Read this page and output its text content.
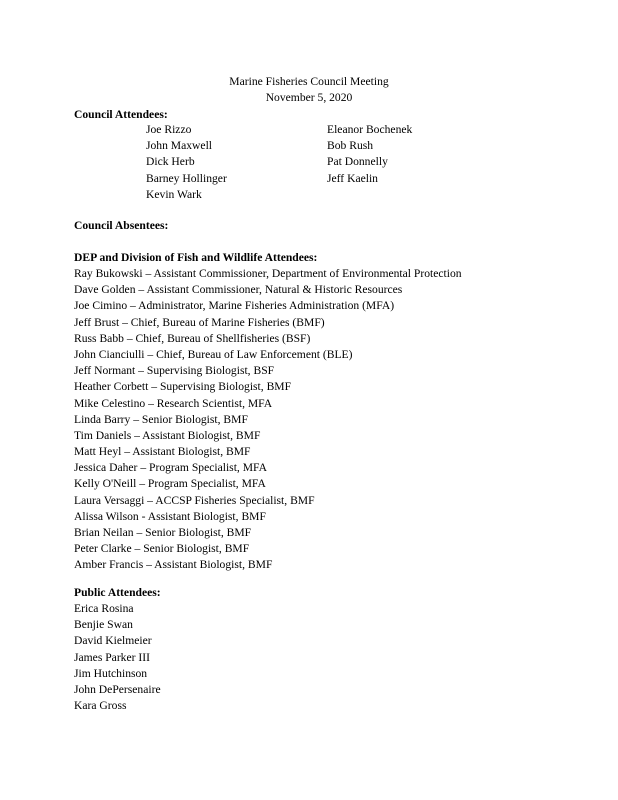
Marine Fisheries Council Meeting
November 5, 2020
Council Attendees:
Joe Rizzo
John Maxwell
Dick Herb
Barney Hollinger
Kevin Wark
Eleanor Bochenek
Bob Rush
Pat Donnelly
Jeff Kaelin
Council Absentees:
DEP and Division of Fish and Wildlife Attendees:
Ray Bukowski – Assistant Commissioner, Department of Environmental Protection
Dave Golden – Assistant Commissioner, Natural & Historic Resources
Joe Cimino – Administrator, Marine Fisheries Administration (MFA)
Jeff Brust – Chief, Bureau of Marine Fisheries (BMF)
Russ Babb – Chief, Bureau of Shellfisheries (BSF)
John Cianciulli – Chief, Bureau of Law Enforcement (BLE)
Jeff Normant – Supervising Biologist, BSF
Heather Corbett – Supervising Biologist, BMF
Mike Celestino – Research Scientist, MFA
Linda Barry – Senior Biologist, BMF
Tim Daniels – Assistant Biologist, BMF
Matt Heyl – Assistant Biologist, BMF
Jessica Daher – Program Specialist, MFA
Kelly O'Neill – Program Specialist, MFA
Laura Versaggi – ACCSP Fisheries Specialist, BMF
Alissa Wilson - Assistant Biologist, BMF
Brian Neilan – Senior Biologist, BMF
Peter Clarke – Senior Biologist, BMF
Amber Francis – Assistant Biologist, BMF
Public Attendees:
Erica Rosina
Benjie Swan
David Kielmeier
James Parker III
Jim Hutchinson
John DePersenaire
Kara Gross
